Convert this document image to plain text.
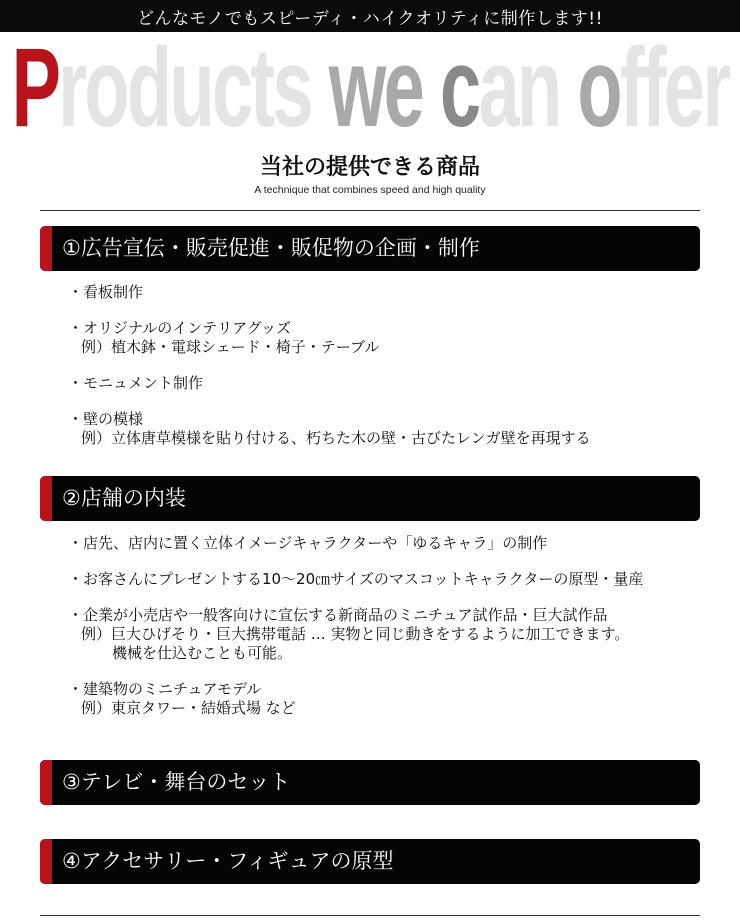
どんなモノでもスピーディ・ハイクオリティに制作します!!
Products we can offer
当社の提供できる商品
A technique that combines speed and high quality
①広告宣伝・販売促進・販促物の企画・制作
・看板制作
・オリジナルのインテリアグッズ
例）植木鉢・電球シェード・椅子・テーブル
・モニュメント制作
・壁の模様
例）立体唐草模様を貼り付ける、朽ちた木の壁・古びたレンガ壁を再現する
②店舗の内装
・店先、店内に置く立体イメージキャラクターや「ゆるキャラ」の制作
・お客さんにプレゼントする10～20㎝サイズのマスコットキャラクターの原型・量産
・企業が小売店や一般客向けに宣伝する新商品のミニチュア試作品・巨大試作品
例）巨大ひげそり・巨大携帯電話 … 実物と同じ動きをするように加工できます。
機械を仕込むことも可能。
・建築物のミニチュアモデル
例）東京タワー・結婚式場 など
③テレビ・舞台のセット
④アクセサリー・フィギュアの原型
